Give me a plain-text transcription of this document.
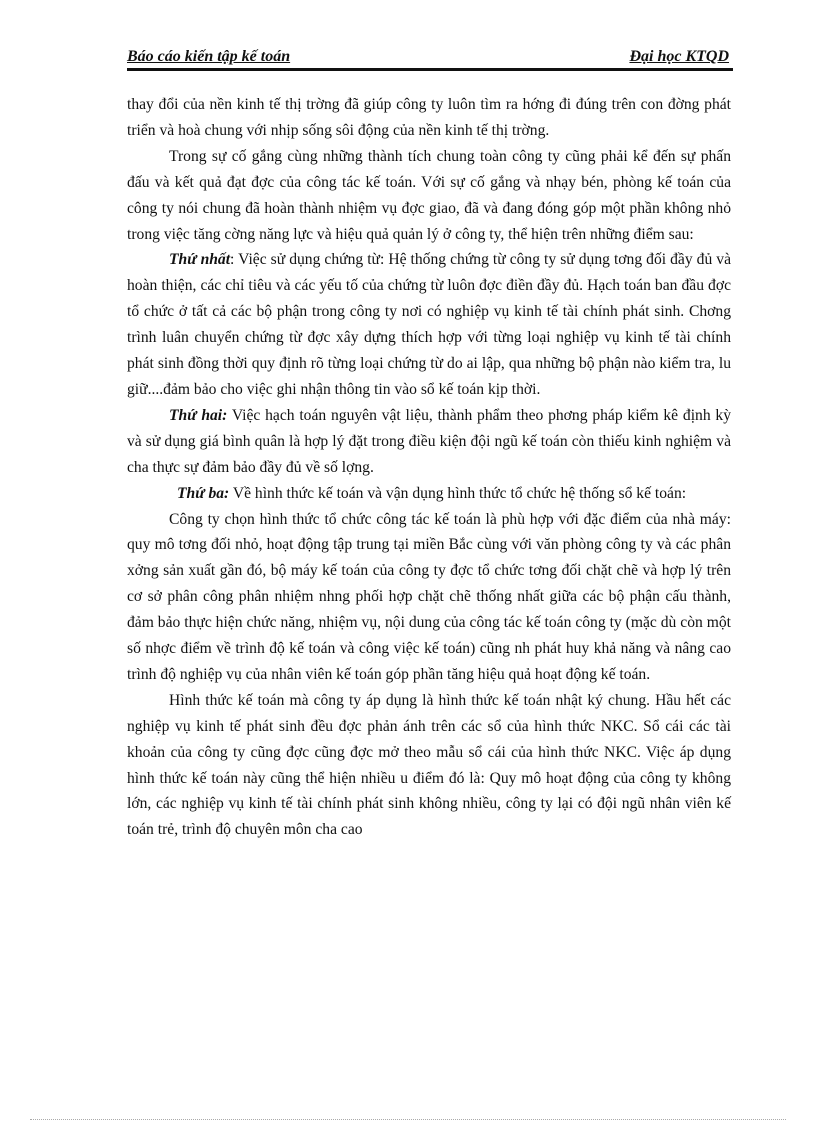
Báo cáo kiến tập kế toán	Đại học KTQD

thay đổi của nền kinh tế thị trờng đã giúp công ty luôn tìm ra hớng đi đúng trên con đờng phát triển và hoà chung với nhịp sống sôi động của nền kinh tế thị trờng.

Trong sự cố gắng cùng những thành tích chung toàn công ty cũng phải kể đến sự phấn đấu và kết quả đạt đợc của công tác kế toán. Với sự cố gắng và nhạy bén, phòng kế toán của công ty nói chung đã hoàn thành nhiệm vụ đợc giao, đã và đang đóng góp một phần không nhỏ trong việc tăng cờng năng lực và hiệu quả quản lý ở công ty, thể hiện trên những điểm sau:

Thứ nhất: Việc sử dụng chứng từ: Hệ thống chứng từ công ty sử dụng tơng đối đầy đủ và hoàn thiện, các chỉ tiêu và các yếu tố của chứng từ luôn đợc điền đầy đủ. Hạch toán ban đầu đợc tổ chức ở tất cả các bộ phận trong công ty nơi có nghiệp vụ kinh tế tài chính phát sinh. Chơng trình luân chuyển chứng từ đợc xây dựng thích hợp với từng loại nghiệp vụ kinh tế tài chính phát sinh đồng thời quy định rõ từng loại chứng từ do ai lập, qua những bộ phận nào kiểm tra, lu giữ....đảm bảo cho việc ghi nhận thông tin vào sổ kế toán kịp thời.

Thứ hai: Việc hạch toán nguyên vật liệu, thành phẩm theo phơng pháp kiểm kê định kỳ và sử dụng giá bình quân là hợp lý đặt trong điều kiện đội ngũ kế toán còn thiếu kinh nghiệm và cha thực sự đảm bảo đầy đủ về số lợng.

Thứ ba: Về hình thức kế toán và vận dụng hình thức tổ chức hệ thống sổ kế toán:

Công ty chọn hình thức tổ chức công tác kế toán là phù hợp với đặc điểm của nhà máy: quy mô tơng đối nhỏ, hoạt động tập trung tại miền Bắc cùng với văn phòng công ty và các phân xởng sản xuất gần đó, bộ máy kế toán của công ty đợc tổ chức tơng đối chặt chẽ và hợp lý trên cơ sở phân công phân nhiệm nhng phối hợp chặt chẽ thống nhất giữa các bộ phận cấu thành, đảm bảo thực hiện chức năng, nhiệm vụ, nội dung của công tác kế toán công ty (mặc dù còn một số nhợc điểm về trình độ kế toán và công việc kế toán) cũng nh phát huy khả năng và nâng cao trình độ nghiệp vụ của nhân viên kế toán góp phần tăng hiệu quả hoạt động kế toán.

Hình thức kế toán mà công ty áp dụng là hình thức kế toán nhật ký chung. Hầu hết các nghiệp vụ kinh tế phát sinh đều đợc phản ánh trên các sổ của hình thức NKC. Sổ cái các tài khoản của công ty cũng đợc cũng đợc mở theo mẫu sổ cái của hình thức NKC. Việc áp dụng hình thức kế toán này cũng thể hiện nhiều u điểm đó là: Quy mô hoạt động của công ty không lớn, các nghiệp vụ kinh tế tài chính phát sinh không nhiều, công ty lại có đội ngũ nhân viên kế toán trẻ, trình độ chuyên môn cha cao
